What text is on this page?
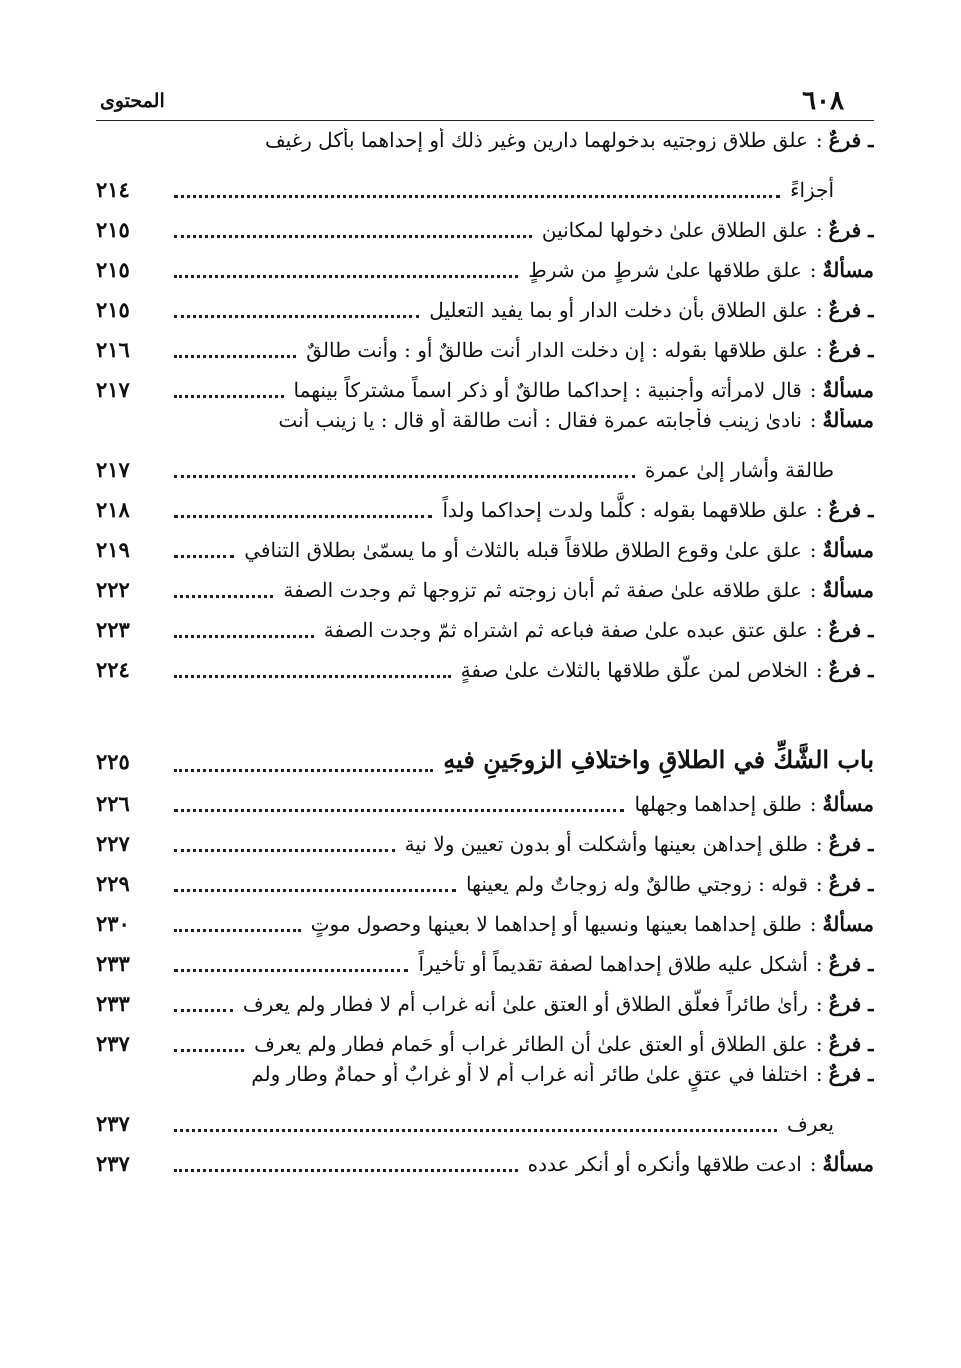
٦٠٨
المحتوى
ـ فرعٌ:علق طلاق زوجتيه بدخولهما دارين وغير ذلك أو إحداهما بأكل رغيف
أجزاءً
٢١٤
ـ فرعٌ
:
علق الطلاق علىٰ دخولها لمكانين
٢١٥
مسألةٌ
:
علق طلاقها علىٰ شرطٍ من شرطٍ
٢١٥
ـ فرعٌ
:
علق الطلاق بأن دخلت الدار أو بما يفيد التعليل
٢١٥
ـ فرعٌ
:
علق طلاقها بقوله : إن دخلت الدار أنت طالقٌ أو : وأنت طالقٌ
٢١٦
مسألةٌ
:
قال لامرأته وأجنبية : إحداكما طالقٌ أو ذكر اسماً مشتركاً بينهما
٢١٧
مسألةٌ:نادىٰ زينب فأجابته عمرة فقال : أنت طالقة أو قال : يا زينب أنت
طالقة وأشار إلىٰ عمرة
٢١٧
ـ فرعٌ
:
علق طلاقهما بقوله : كلَّما ولدت إحداكما ولداً
٢١٨
مسألةٌ
:
علق علىٰ وقوع الطلاق طلاقاً قبله بالثلاث أو ما يسمّىٰ بطلاق التنافي
٢١٩
مسألةٌ
:
علق طلاقه علىٰ صفة ثم أبان زوجته ثم تزوجها ثم وجدت الصفة
٢٢٢
ـ فرعٌ
:
علق عتق عبده علىٰ صفة فباعه ثم اشتراه ثمّ وجدت الصفة
٢٢٣
ـ فرعٌ
:
الخلاص لمن علّق طلاقها بالثلاث علىٰ صفةٍ
٢٢٤
باب الشَّكِّ في الطلاقِ واختلافِ الزوجَينِ فيهِ
٢٢٥
مسألةٌ
:
طلق إحداهما وجهلها
٢٢٦
ـ فرعٌ
:
طلق إحداهن بعينها وأشكلت أو بدون تعيين ولا نية
٢٢٧
ـ فرعٌ
:
قوله : زوجتي طالقٌ وله زوجاتٌ ولم يعينها
٢٢٩
مسألةٌ
:
طلق إحداهما بعينها ونسيها أو إحداهما لا بعينها وحصول موتٍ
٢٣٠
ـ فرعٌ
:
أشكل عليه طلاق إحداهما لصفة تقديماً أو تأخيراً
٢٣٣
ـ فرعٌ
:
رأىٰ طائراً فعلّق الطلاق أو العتق علىٰ أنه غراب أم لا فطار ولم يعرف
٢٣٣
ـ فرعٌ
:
علق الطلاق أو العتق علىٰ أن الطائر غراب أو حَمام فطار ولم يعرف
٢٣٧
ـ فرعٌ:اختلفا في عتقٍ علىٰ طائر أنه غراب أم لا أو غرابٌ أو حمامٌ وطار ولم
يعرف
٢٣٧
مسألةٌ
:
ادعت طلاقها وأنكره أو أنكر عدده
٢٣٧
